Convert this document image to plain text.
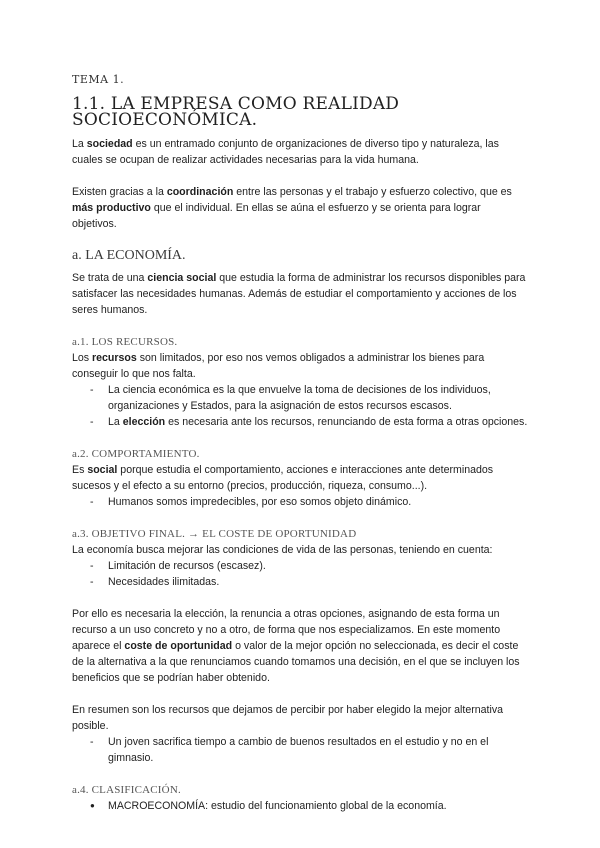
TEMA 1.

1.1. LA EMPRESA COMO REALIDAD SOCIOECONÓMICA.

La sociedad es un entramado conjunto de organizaciones de diverso tipo y naturaleza, las cuales se ocupan de realizar actividades necesarias para la vida humana.

Existen gracias a la coordinación entre las personas y el trabajo y esfuerzo colectivo, que es más productivo que el individual. En ellas se aúna el esfuerzo y se orienta para lograr objetivos.

a. LA ECONOMÍA.

Se trata de una ciencia social que estudia la forma de administrar los recursos disponibles para satisfacer las necesidades humanas. Además de estudiar el comportamiento y acciones de los seres humanos.

a.1. LOS RECURSOS.

Los recursos son limitados, por eso nos vemos obligados a administrar los bienes para conseguir lo que nos falta.

- La ciencia económica es la que envuelve la toma de decisiones de los individuos, organizaciones y Estados, para la asignación de estos recursos escasos.
- La elección es necesaria ante los recursos, renunciando de esta forma a otras opciones.
a.2. COMPORTAMIENTO.

Es social porque estudia el comportamiento, acciones e interacciones ante determinados sucesos y el efecto a su entorno (precios, producción, riqueza, consumo...).

- Humanos somos impredecibles, por eso somos objeto dinámico.
a.3. OBJETIVO FINAL. → EL COSTE DE OPORTUNIDAD

La economía busca mejorar las condiciones de vida de las personas, teniendo en cuenta:

- Limitación de recursos (escasez).
- Necesidades ilimitadas.

Por ello es necesaria la elección, la renuncia a otras opciones, asignando de esta forma un recurso a un uso concreto y no a otro, de forma que nos especializamos. En este momento aparece el coste de oportunidad o valor de la mejor opción no seleccionada, es decir el coste de la alternativa a la que renunciamos cuando tomamos una decisión, en el que se incluyen los beneficios que se podrían haber obtenido.

En resumen son los recursos que dejamos de percibir por haber elegido la mejor alternativa posible.

- Un joven sacrifica tiempo a cambio de buenos resultados en el estudio y no en el gimnasio.
a.4. CLASIFICACIÓN.
● MACROECONOMÍA: estudio del funcionamiento global de la economía.
